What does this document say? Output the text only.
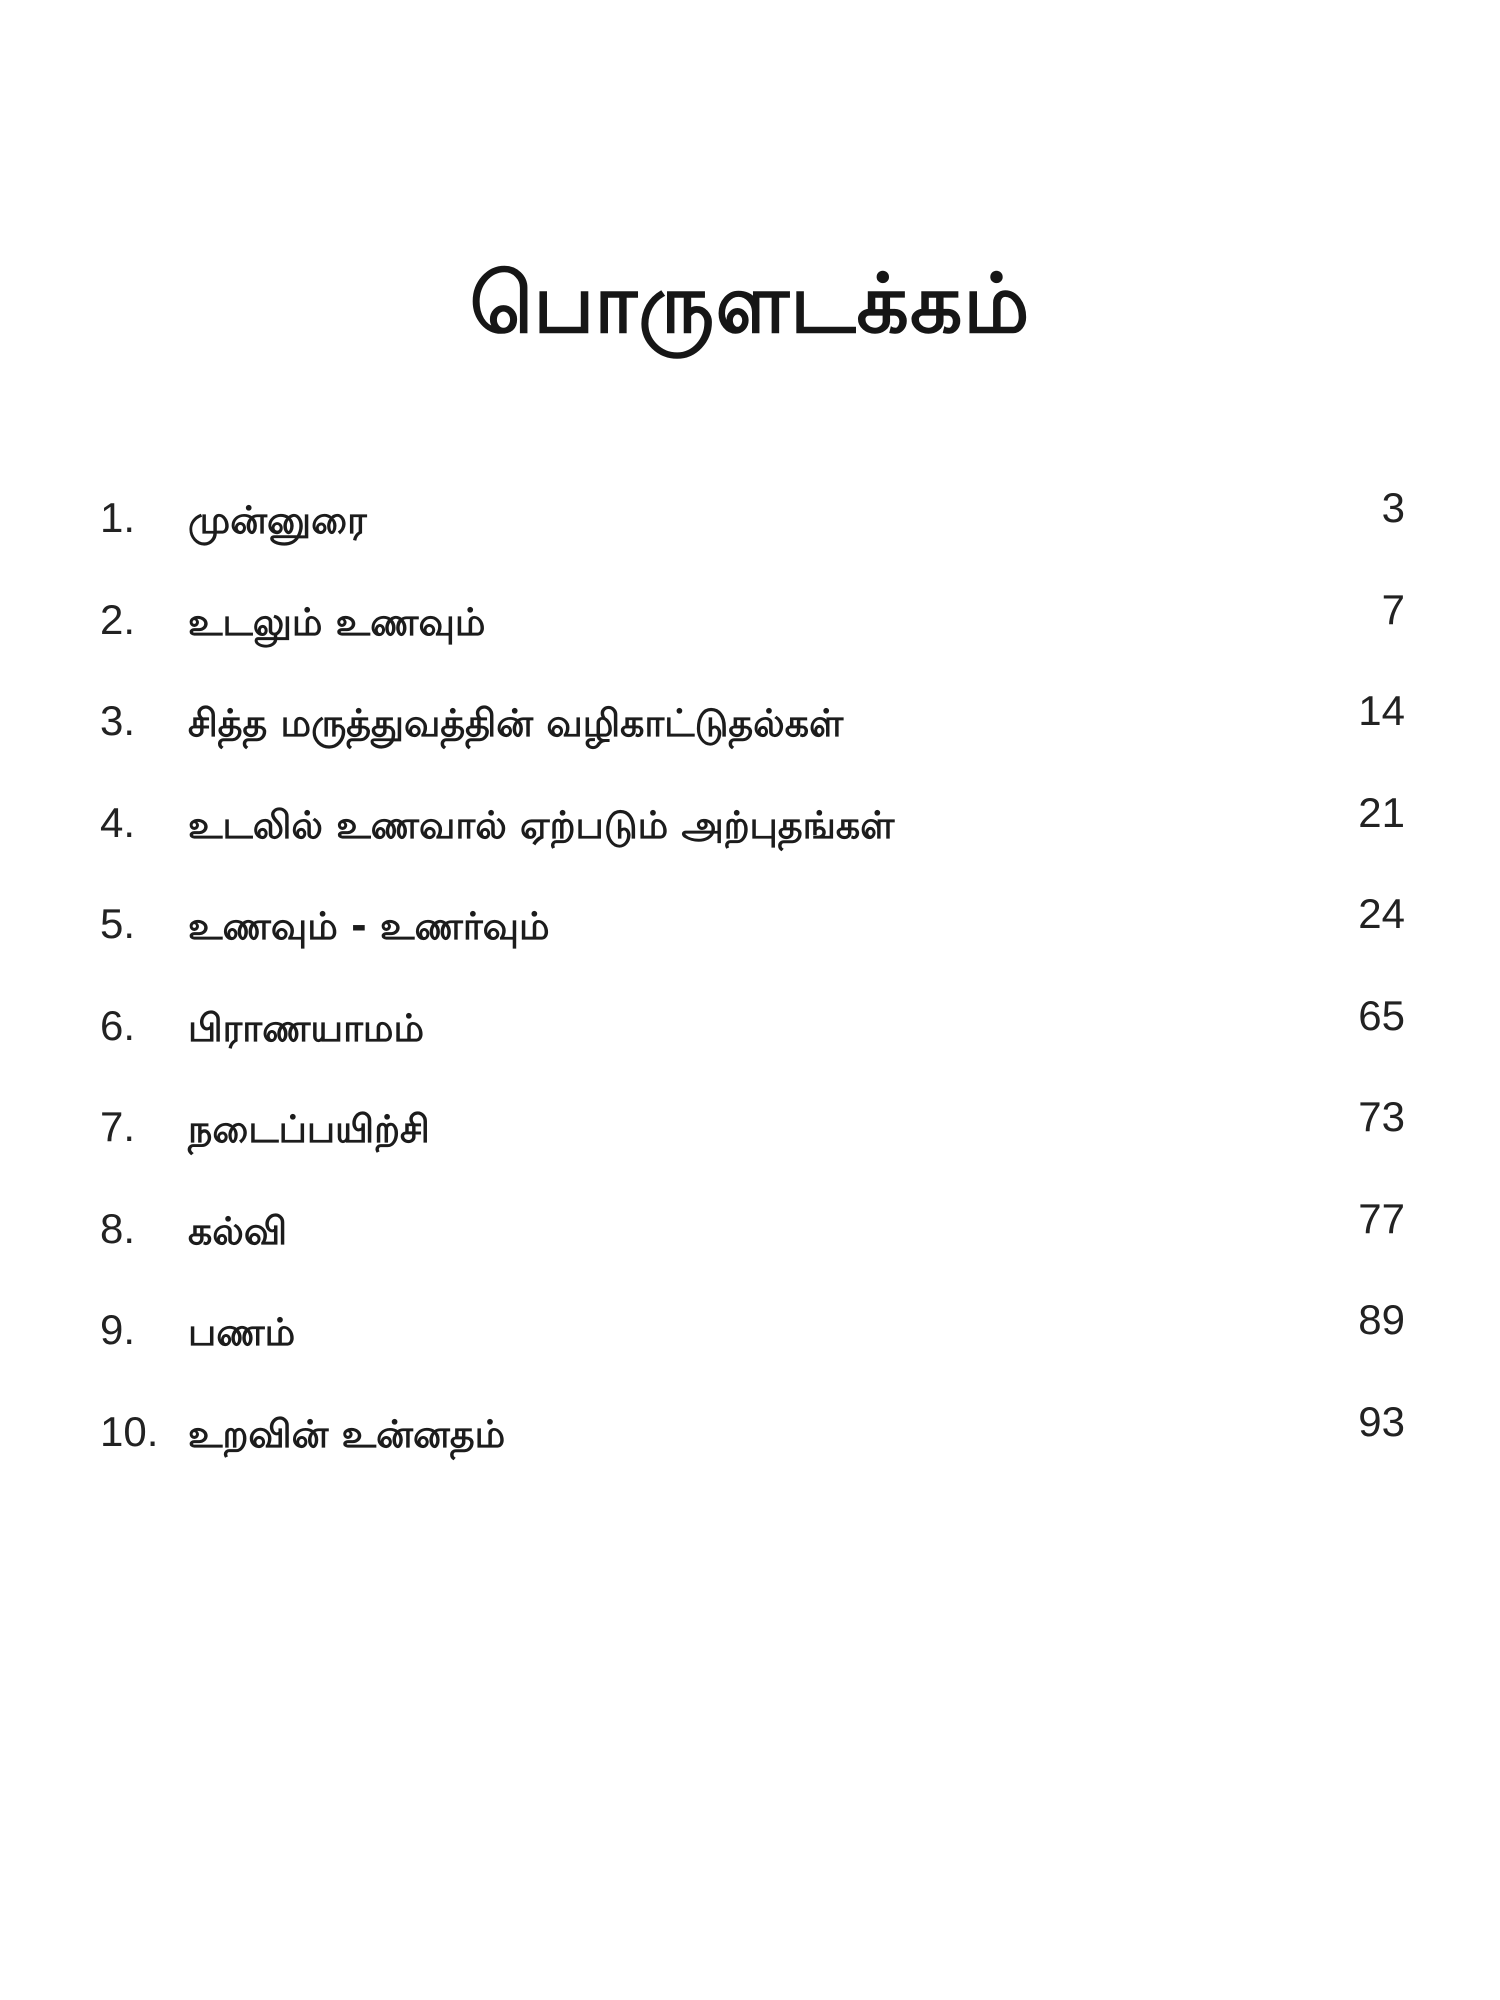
பொருளடக்கம்
1. முன்னுரை	3
2. உடலும் உணவும்	7
3. சித்த மருத்துவத்தின் வழிகாட்டுதல்கள்	14
4. உடலில் உணவால் ஏற்படும் அற்புதங்கள்	21
5. உணவும் - உணர்வும்	24
6. பிராணயாமம்	65
7. நடைப்பயிற்சி	73
8. கல்வி	77
9. பணம்	89
10. உறவின் உன்னதம்	93
